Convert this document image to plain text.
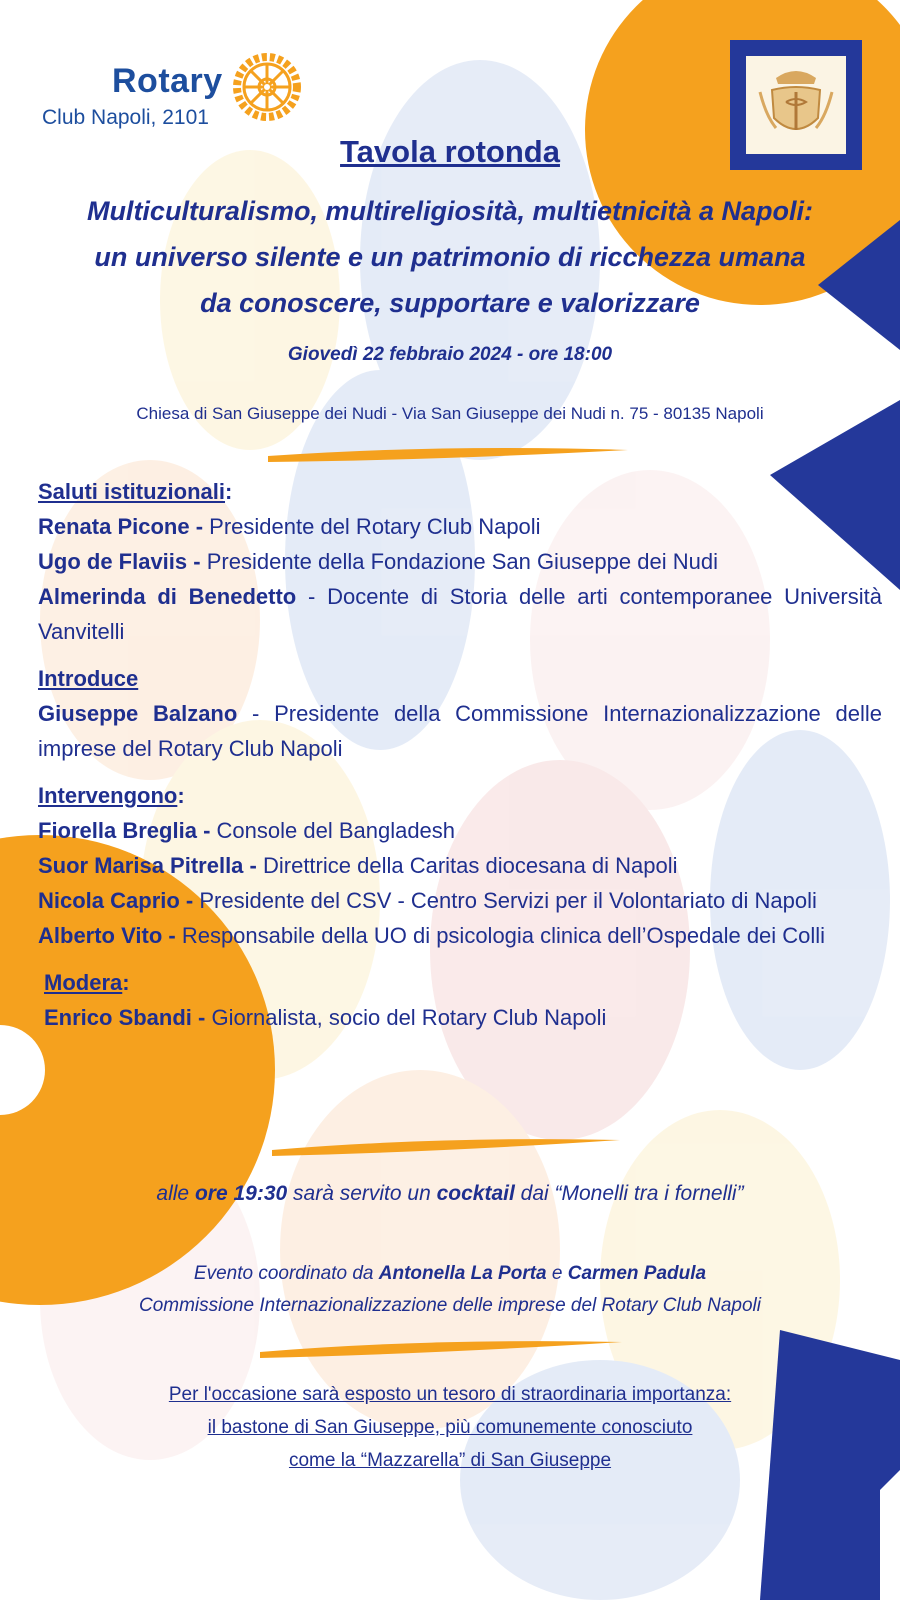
Rotary
Club Napoli, 2101
Tavola rotonda
Multiculturalismo, multireligiosità, multietnicità a Napoli:
un universo silente e un patrimonio di ricchezza umana
da conoscere, supportare e valorizzare
Giovedì 22 febbraio 2024 - ore 18:00
Chiesa di San Giuseppe dei Nudi - Via San Giuseppe dei Nudi n. 75 - 80135 Napoli

Saluti istituzionali:

Renata Picone - Presidente del Rotary Club Napoli

Ugo de Flaviis - Presidente della Fondazione San Giuseppe dei Nudi

Almerinda di Benedetto - Docente di Storia delle arti contemporanee Università Vanvitelli

Introduce

Giuseppe Balzano - Presidente della Commissione Internazionalizzazione delle imprese del Rotary Club Napoli

Intervengono:

Fiorella Breglia - Console del Bangladesh

Suor Marisa Pitrella - Direttrice della Caritas diocesana di Napoli

Nicola Caprio - Presidente del CSV - Centro Servizi per il Volontariato di Napoli

Alberto Vito - Responsabile della UO di psicologia clinica dell’Ospedale dei Colli

Modera:

Enrico Sbandi - Giornalista, socio del Rotary Club Napoli

alle ore 19:30 sarà servito un cocktail dai “Monelli tra i fornelli”
Evento coordinato da Antonella La Porta e Carmen Padula
Commissione Internazionalizzazione delle imprese del Rotary Club Napoli
Per l'occasione sarà esposto un tesoro di straordinaria importanza:
il bastone di San Giuseppe, più comunemente conosciuto
come la “Mazzarella” di San Giuseppe
